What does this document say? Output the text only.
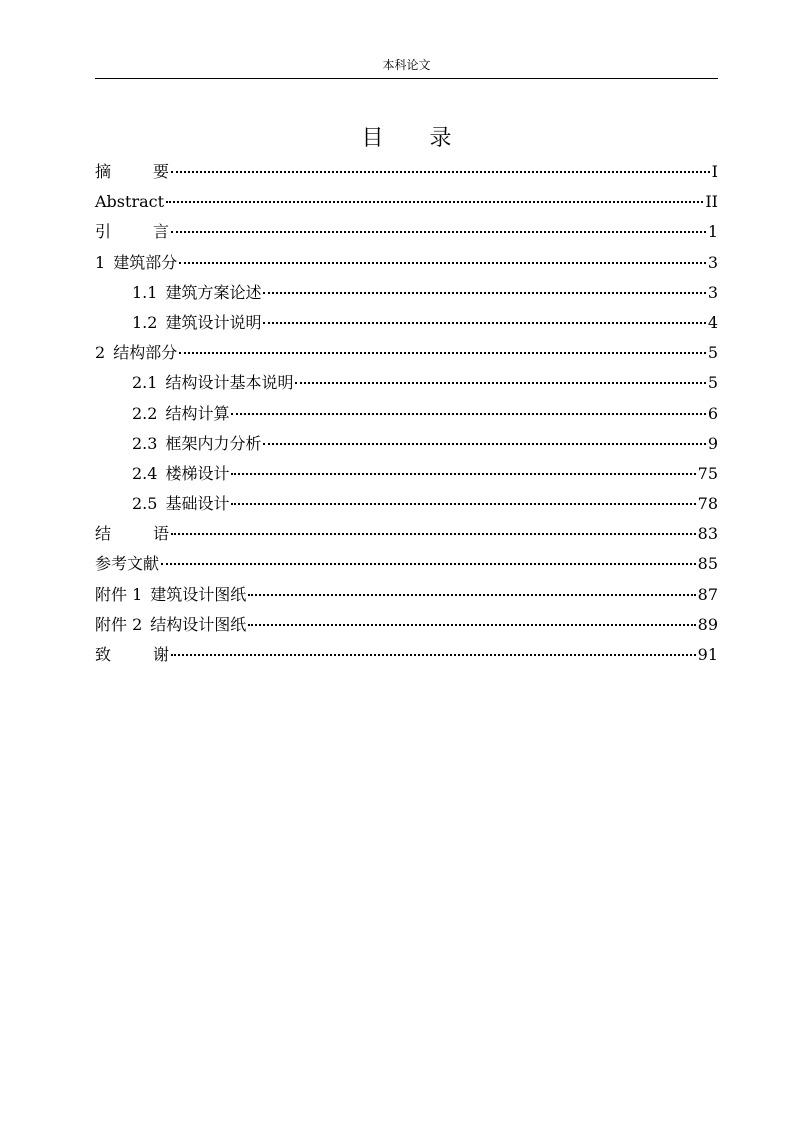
本科论文
目 录
摘　要	I
Abstract	II
引　言	1
1 建筑部分	3
1.1 建筑方案论述	3
1.2 建筑设计说明	4
2 结构部分	5
2.1 结构设计基本说明	5
2.2 结构计算	6
2.3 框架内力分析	9
2.4 楼梯设计	75
2.5 基础设计	78
结　语	83
参考文献	85
附件 1 建筑设计图纸	87
附件 2 结构设计图纸	89
致　谢	91
